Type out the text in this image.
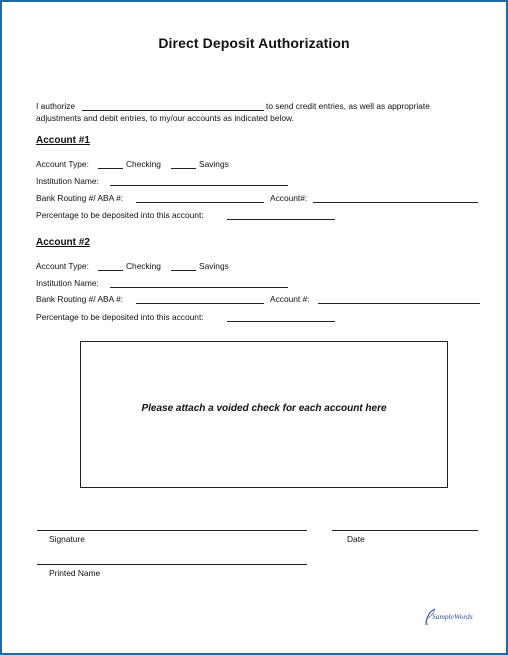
Direct Deposit Authorization
I authorize	to send credit entries, as well as appropriate
adjustments and debit entries, to my/our accounts as indicated below.
Account #1
Account Type:	Checking	Savings
Institution Name:
Bank Routing #/ ABA #:	Account#:
Percentage to be deposited into this account:
Account #2
Account Type:	Checking	Savings
Institution Name:
Bank Routing #/ ABA #:	Account #:
Percentage to be deposited into this account:
Please attach a voided check for each account here
Signature	Date
Printed Name
SampleWords
